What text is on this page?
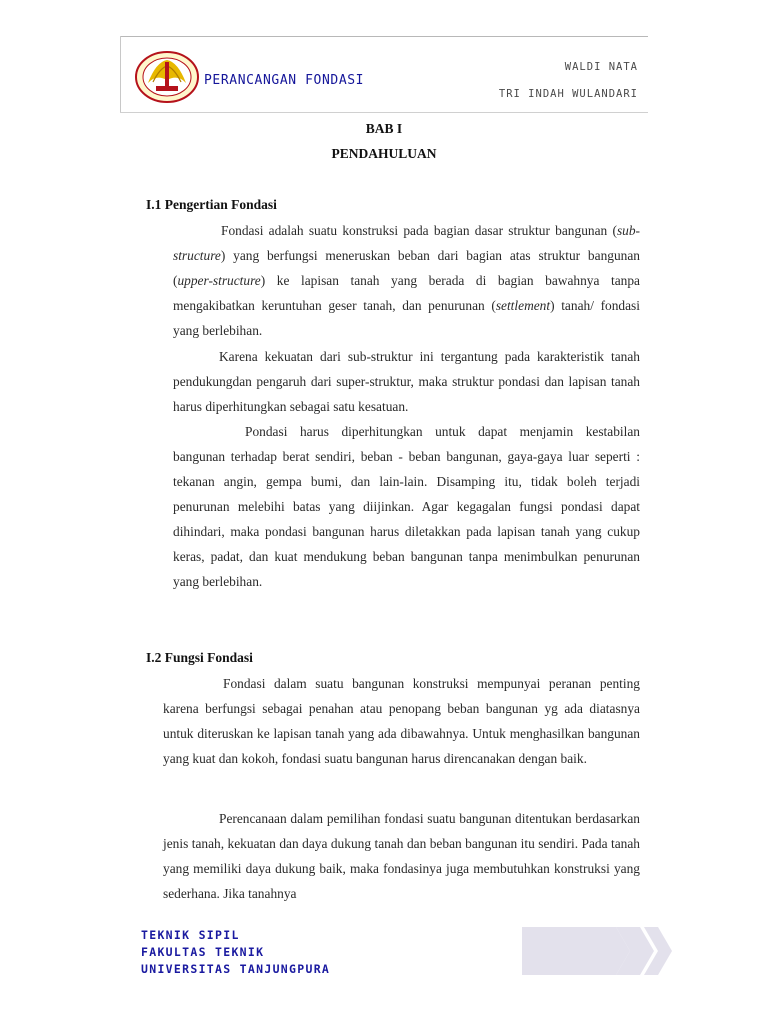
PERANCANGAN FONDASI
WALDI NATA
TRI INDAH WULANDARI
BAB I
PENDAHULUAN
I.1 Pengertian Fondasi

Fondasi adalah suatu konstruksi pada bagian dasar struktur bangunan (sub-structure) yang berfungsi meneruskan beban dari bagian atas struktur bangunan (upper-structure) ke lapisan tanah yang berada di bagian bawahnya tanpa mengakibatkan keruntuhan geser tanah, dan penurunan (settlement) tanah/ fondasi yang berlebihan.

Karena kekuatan dari sub-struktur ini tergantung pada karakteristik tanah pendukungdan pengaruh dari super-struktur, maka struktur pondasi dan lapisan tanah harus diperhitungkan sebagai satu kesatuan.

Pondasi harus diperhitungkan untuk dapat menjamin kestabilan bangunan terhadap berat sendiri, beban - beban bangunan, gaya-gaya luar seperti : tekanan angin, gempa bumi, dan lain-lain. Disamping itu, tidak boleh terjadi penurunan melebihi batas yang diijinkan. Agar kegagalan fungsi pondasi dapat dihindari, maka pondasi bangunan harus diletakkan pada lapisan tanah yang cukup keras, padat, dan kuat mendukung beban bangunan tanpa menimbulkan penurunan yang berlebihan.

I.2 Fungsi Fondasi

Fondasi dalam suatu bangunan konstruksi mempunyai peranan penting karena berfungsi sebagai penahan atau penopang beban bangunan yg ada diatasnya untuk diteruskan ke lapisan tanah yang ada dibawahnya. Untuk menghasilkan bangunan yang kuat dan kokoh, fondasi suatu bangunan harus direncanakan dengan baik.

Perencanaan dalam pemilihan fondasi suatu bangunan ditentukan berdasarkan jenis tanah, kekuatan dan daya dukung tanah dan beban bangunan itu sendiri. Pada tanah yang memiliki daya dukung baik, maka fondasinya juga membutuhkan konstruksi yang sederhana. Jika tanahnya

TEKNIK SIPIL
FAKULTAS TEKNIK
UNIVERSITAS TANJUNGPURA
